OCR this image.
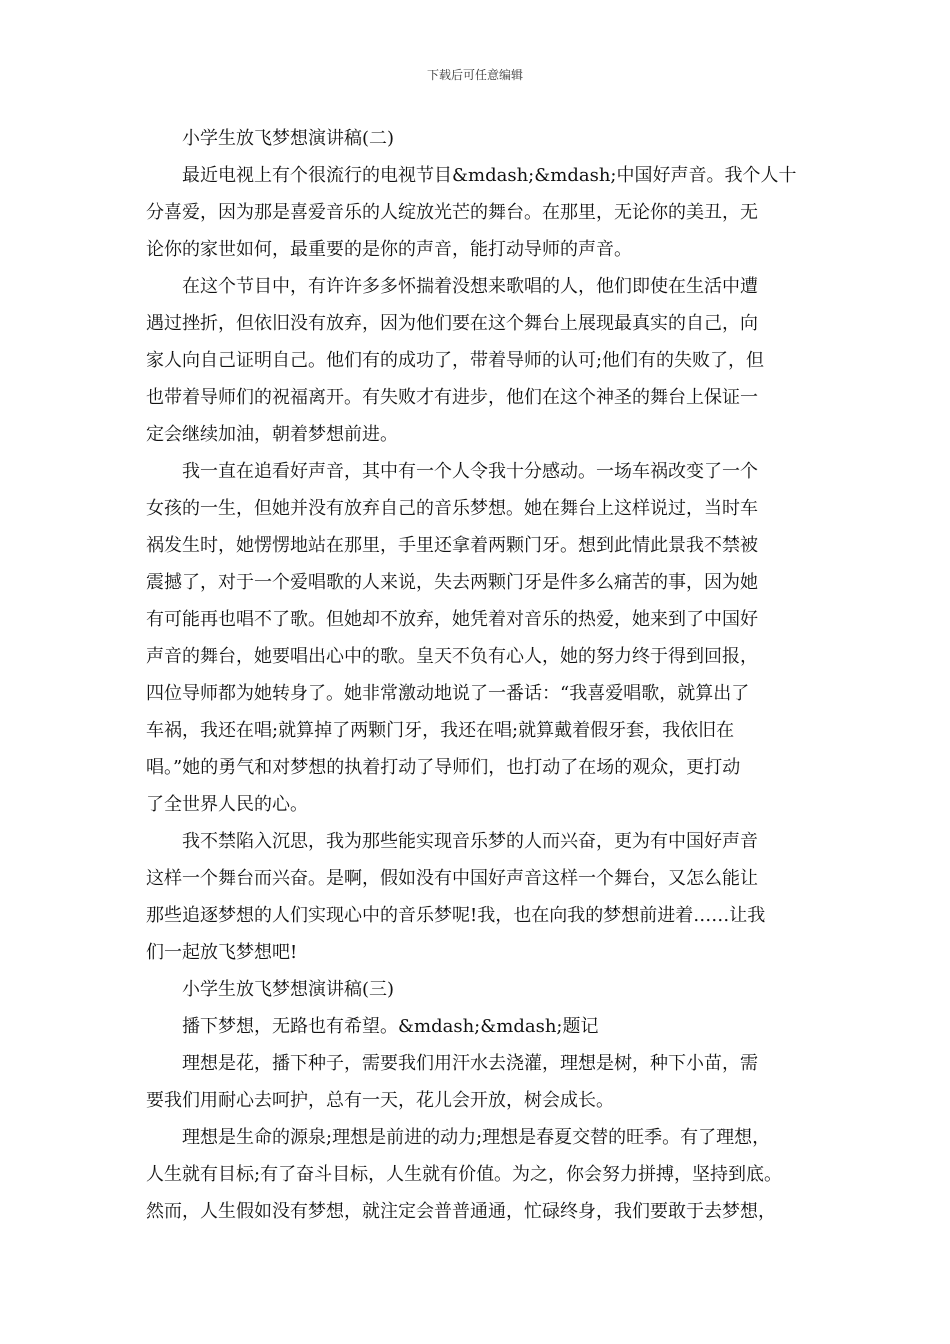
下载后可任意编辑
小学生放飞梦想演讲稿(二)
最近电视上有个很流行的电视节目&mdash;&mdash;中国好声音。我个人十
分喜爱，因为那是喜爱音乐的人绽放光芒的舞台。在那里，无论你的美丑，无
论你的家世如何，最重要的是你的声音，能打动导师的声音。
在这个节目中，有许许多多怀揣着没想来歌唱的人，他们即使在生活中遭
遇过挫折，但依旧没有放弃，因为他们要在这个舞台上展现最真实的自己，向
家人向自己证明自己。他们有的成功了，带着导师的认可;他们有的失败了，但
也带着导师们的祝福离开。有失败才有进步，他们在这个神圣的舞台上保证一
定会继续加油，朝着梦想前进。
我一直在追看好声音，其中有一个人令我十分感动。一场车祸改变了一个
女孩的一生，但她并没有放弃自己的音乐梦想。她在舞台上这样说过，当时车
祸发生时，她愣愣地站在那里，手里还拿着两颗门牙。想到此情此景我不禁被
震撼了，对于一个爱唱歌的人来说，失去两颗门牙是件多么痛苦的事，因为她
有可能再也唱不了歌。但她却不放弃，她凭着对音乐的热爱，她来到了中国好
声音的舞台，她要唱出心中的歌。皇天不负有心人，她的努力终于得到回报，
四位导师都为她转身了。她非常激动地说了一番话：“我喜爱唱歌，就算出了
车祸，我还在唱;就算掉了两颗门牙，我还在唱;就算戴着假牙套，我依旧在
唱。”她的勇气和对梦想的执着打动了导师们，也打动了在场的观众，更打动
了全世界人民的心。
我不禁陷入沉思，我为那些能实现音乐梦的人而兴奋，更为有中国好声音
这样一个舞台而兴奋。是啊，假如没有中国好声音这样一个舞台，又怎么能让
那些追逐梦想的人们实现心中的音乐梦呢!我，也在向我的梦想前进着……让我
们一起放飞梦想吧!
小学生放飞梦想演讲稿(三)
播下梦想，无路也有希望。&mdash;&mdash;题记
理想是花，播下种子，需要我们用汗水去浇灌，理想是树，种下小苗，需
要我们用耐心去呵护，总有一天，花儿会开放，树会成长。
理想是生命的源泉;理想是前进的动力;理想是春夏交替的旺季。有了理想，
人生就有目标;有了奋斗目标，人生就有价值。为之，你会努力拼搏，坚持到底。
然而，人生假如没有梦想，就注定会普普通通，忙碌终身，我们要敢于去梦想，
